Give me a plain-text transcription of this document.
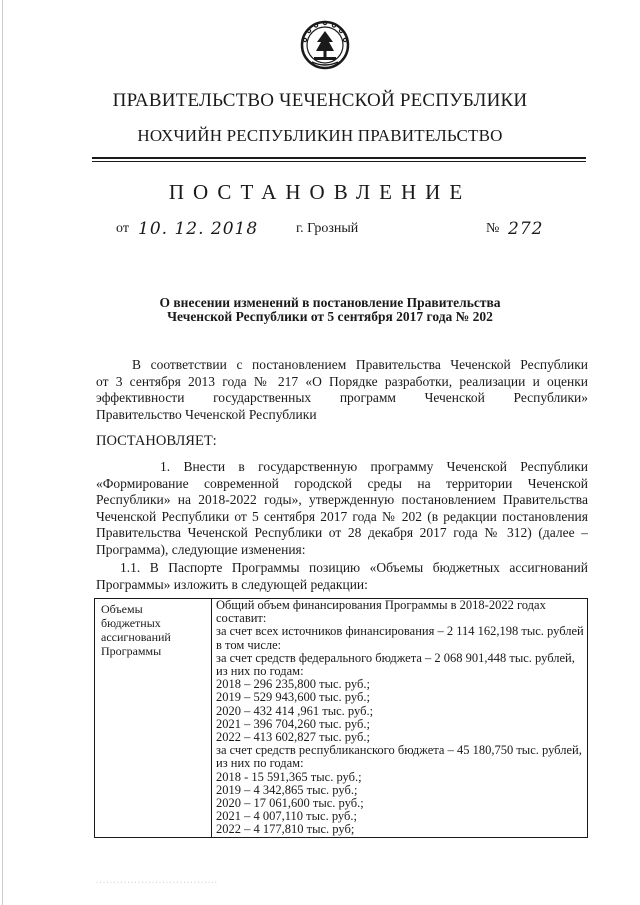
ПРАВИТЕЛЬСТВО ЧЕЧЕНСКОЙ РЕСПУБЛИКИ
НОХЧИЙН РЕСПУБЛИКИН ПРАВИТЕЛЬСТВО
ПОСТАНОВЛЕНИЕ
от 10. 12. 2018	г. Грозный	№ 272
О внесении изменений в постановление Правительства
Чеченской Республики от 5 сентября 2017 года № 202
В соответствии с постановлением Правительства Чеченской Республики
от 3 сентября 2013 года № 217 «О Порядке разработки, реализации и оценки
эффективности государственных программ Чеченской Республики»
Правительство Чеченской Республики
ПОСТАНОВЛЯЕТ:
1. Внести в государственную программу Чеченской Республики
«Формирование современной городской среды на территории Чеченской
Республики» на 2018-2022 годы», утвержденную постановлением Правительства
Чеченской Республики от 5 сентября 2017 года № 202 (в редакции постановления
Правительства Чеченской Республики от 28 декабря 2017 года № 312) (далее –
Программа), следующие изменения:
1.1. В Паспорте Программы позицию «Объемы бюджетных ассигнований
Программы» изложить в следующей редакции:
Объемы
бюджетных
ассигнований
Программы
Общий объем финансирования Программы в 2018-2022 годах
составит:
за счет всех источников финансирования – 2 114 162,198 тыс. рублей
в том числе:
за счет средств федерального бюджета – 2 068 901,448 тыс. рублей,
из них по годам:
2018 – 296 235,800 тыс. руб.;
2019 – 529 943,600 тыс. руб.;
2020 – 432 414 ,961 тыс. руб.;
2021 – 396 704,260 тыс. руб.;
2022 – 413 602,827 тыс. руб.;
за счет средств республиканского бюджета – 45 180,750 тыс. рублей,
из них по годам:
2018 - 15 591,365 тыс. руб.;
2019 – 4 342,865 тыс. руб.;
2020 – 17 061,600 тыс. руб.;
2021 – 4 007,110 тыс. руб.;
2022 – 4 177,810 тыс. руб;
· · · · · · · · · · · · · · · · · · · · · · · · · · · · · · · · · · ·
